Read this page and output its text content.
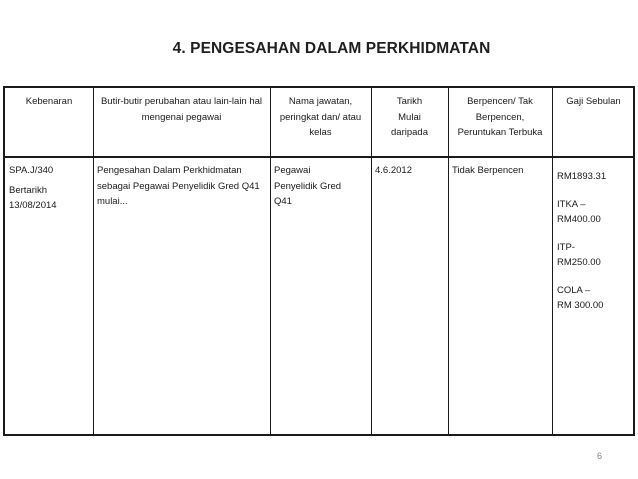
4. PENGESAHAN DALAM PERKHIDMATAN
Kebenaran	Butir-butir perubahan atau lain-lain hal mengenai pegawai
Nama jawatan, peringkat dan/ atau kelas
Tarikh Mulai daripada
Berpencen/ Tak Berpencen, Peruntukan Terbuka
Gaji Sebulan
SPA.J/340
Bertarikh
13/08/2014
Pengesahan Dalam Perkhidmatan sebagai Pegawai Penyelidik Gred Q41 mulai...
Pegawai Penyelidik Gred Q41
4.6.2012	Tidak Berpencen
RM1893.31
ITKA –
RM400.00
ITP-
RM250.00
COLA –
RM 300.00
6
